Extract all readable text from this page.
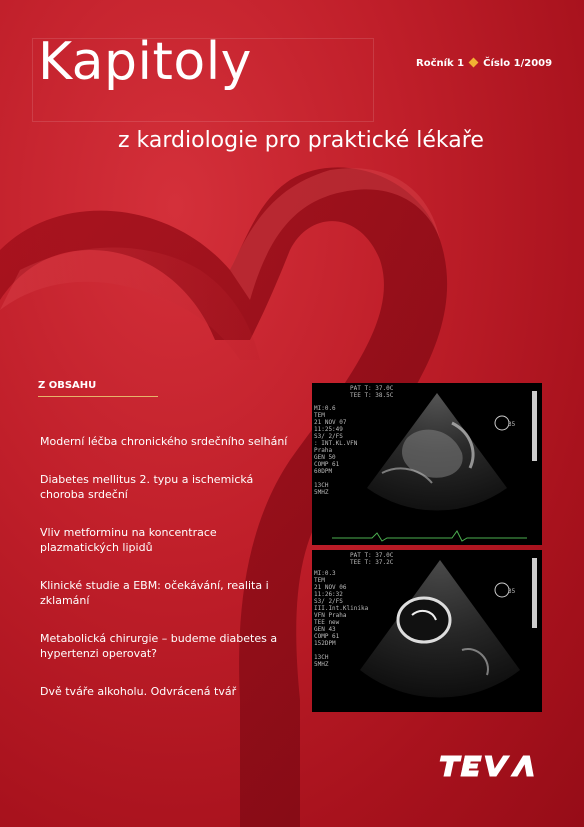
Kapitoly
z kardiologie pro praktické lékaře
Ročník 1 Číslo 1/2009
Z OBSAHU
Moderní léčba chronického srdečního selhání
Diabetes mellitus 2. typu a ischemická choroba srdeční
Vliv metforminu na koncentrace plazmatických lipidů
Klinické studie a EBM: očekávání, realita i zklamání
Metabolická chirurgie – budeme diabetes a hypertenzi operovat?
Dvě tváře alkoholu. Odvrácená tvář
PAT T: 37.0C
TEE T: 38.5C
MI:0.6
TEM
21 NOV 07
11:25:49
S3/ 2/FS
: INT.KL.VFN
Praha
GEN 50
COMP 61
60DPM

13CH
5MHZ
35
PAT T: 37.0C
TEE T: 37.2C
MI:0.3
TEM
21 NOV 06
11:26:32
S3/ 2/FS
III.Int.Klinika
VFN Praha
TEE new
GEN 43
COMP 61
152DPM

13CH
5MHZ
35
